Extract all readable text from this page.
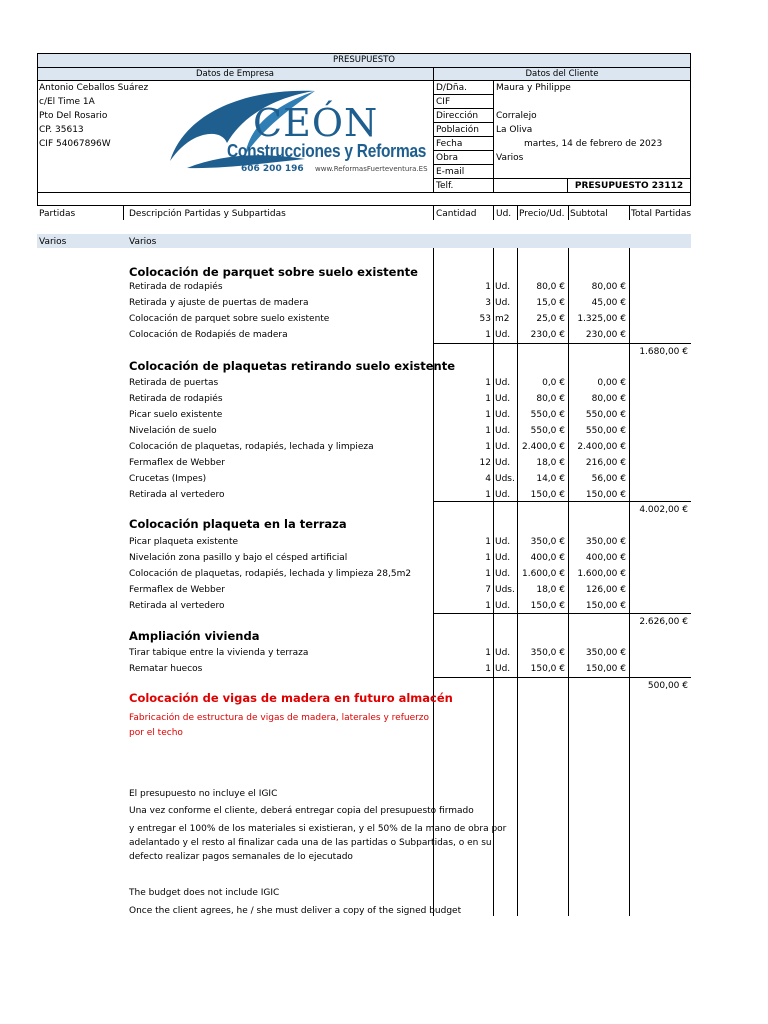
PRESUPUESTO
Datos de Empresa	Datos del Cliente
Antonio Ceballos Suárez
c/El Time 1A
Pto Del Rosario
CP. 35613
CIF 54067896W	CEÓN
Construcciones y Reformas
606 200 196 www.ReformasFuerteventura.ES
D/Dña.	Maura y Philippe
CIF
Dirección Corralejo
Población La Oliva
Fecha	martes, 14 de febrero de 2023
Obra	Varios
E-mail
Telf.	PRESUPUESTO 23112
Partidas	Descripción Partidas y Subpartidas	Cantidad Ud. Precio/Ud. Subtotal	Total Partidas
Varios	Varios
Colocación de parquet sobre suelo existente
Retirada de rodapiés	1 Ud.	80,0 €	80,00 €
Retirada y ajuste de puertas de madera	3 Ud.	15,0 €	45,00 €
Colocación de parquet sobre suelo existente	53 m2	25,0 €	1.325,00 €
Colocación de Rodapiés de madera	1 Ud.	230,0 €	230,00 €
1.680,00 €
Colocación de plaquetas retirando suelo existente
Retirada de puertas	1 Ud.	0,0 €	0,00 €
Retirada de rodapiés	1 Ud.	80,0 €	80,00 €
Picar suelo existente	1 Ud.	550,0 €	550,00 €
Nivelación de suelo	1 Ud.	550,0 €	550,00 €
Colocación de plaquetas, rodapiés, lechada y limpieza	1 Ud.	2.400,0 €	2.400,00 €
Fermaflex de Webber	12 Ud.	18,0 €	216,00 €
Crucetas (Impes)	4 Uds.	14,0 €	56,00 €
Retirada al vertedero	1 Ud.	150,0 €	150,00 €
4.002,00 €
Colocación plaqueta en la terraza
Picar plaqueta existente	1 Ud.	350,0 €	350,00 €
Nivelación zona pasillo y bajo el césped artificial	1 Ud.	400,0 €	400,00 €
Colocación de plaquetas, rodapiés, lechada y limpieza 28,5m2	1 Ud.	1.600,0 €	1.600,00 €
Fermaflex de Webber	7 Uds.	18,0 €	126,00 €
Retirada al vertedero	1 Ud.	150,0 €	150,00 €
2.626,00 €
Ampliación vivienda
Tirar tabique entre la vivienda y terraza	1 Ud.	350,0 €	350,00 €
Rematar huecos	1 Ud.	150,0 €	150,00 €
500,00 €
Colocación de vigas de madera en futuro almacén
Fabricación de estructura de vigas de madera, laterales y refuerzo
por el techo
El presupuesto no incluye el IGIC
Una vez conforme el cliente, deberá entregar copia del presupuesto firmado
y entregar el 100% de los materiales si existieran, y el 50% de la mano de obra por
adelantado y el resto al finalizar cada una de las partidas o Subpartidas, o en su
defecto realizar pagos semanales de lo ejecutado
The budget does not include IGIC
Once the client agrees, he / she must deliver a copy of the signed budget
